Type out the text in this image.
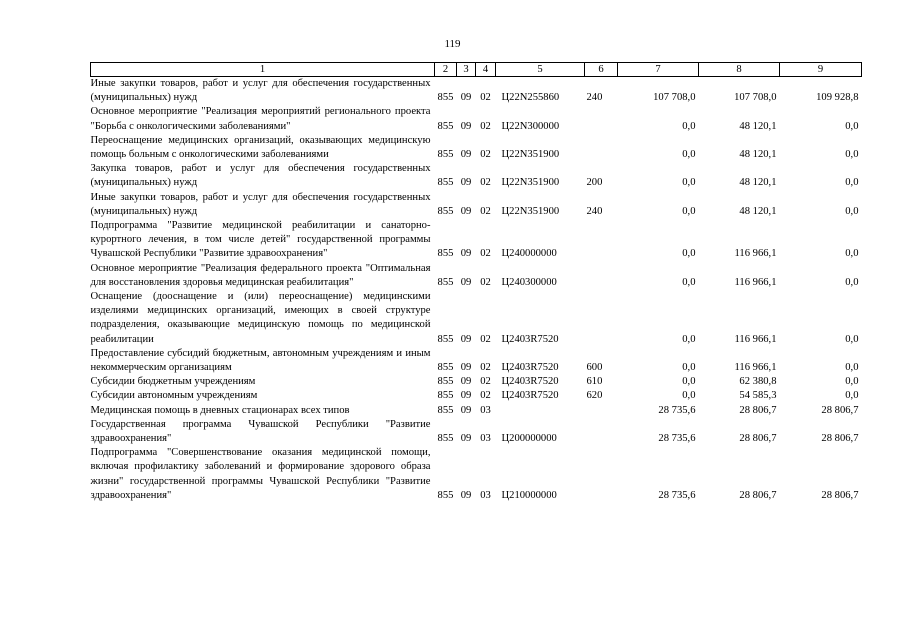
119
1	2	3	4	5	6	7	8	9
Иные закупки товаров, работ и услуг для обеспечения государственных (муниципальных) нужд	855	09	02	Ц22N255860	240	107 708,0	107 708,0	109 928,8
Основное мероприятие "Реализация мероприятий регионального проекта "Борьба с онкологическими заболеваниями"	855	09	02	Ц22N300000		0,0	48 120,1	0,0
Переоснащение медицинских организаций, оказывающих медицинскую помощь больным с онкологическими заболеваниями	855	09	02	Ц22N351900		0,0	48 120,1	0,0
Закупка товаров, работ и услуг для обеспечения государственных (муниципальных) нужд	855	09	02	Ц22N351900	200	0,0	48 120,1	0,0
Иные закупки товаров, работ и услуг для обеспечения государственных (муниципальных) нужд	855	09	02	Ц22N351900	240	0,0	48 120,1	0,0
Подпрограмма "Развитие медицинской реабилитации и санаторно-курортного лечения, в том числе детей" государственной программы Чувашской Республики "Развитие здравоохранения"	855	09	02	Ц240000000		0,0	116 966,1	0,0
Основное мероприятие "Реализация федерального проекта "Оптимальная для восстановления здоровья медицинская реабилитация"	855	09	02	Ц240300000		0,0	116 966,1	0,0
Оснащение (дооснащение и (или) переоснащение) медицинскими изделиями медицинских организаций, имеющих в своей структуре подразделения, оказывающие медицинскую помощь по медицинской реабилитации	855	09	02	Ц2403R7520		0,0	116 966,1	0,0
Предоставление субсидий бюджетным, автономным учреждениям и иным некоммерческим организациям	855	09	02	Ц2403R7520	600	0,0	116 966,1	0,0
Субсидии бюджетным учреждениям	855	09	02	Ц2403R7520	610	0,0	62 380,8	0,0
Субсидии автономным учреждениям	855	09	02	Ц2403R7520	620	0,0	54 585,3	0,0
Медицинская помощь в дневных стационарах всех типов	855	09	03			28 735,6	28 806,7	28 806,7
Государственная программа Чувашской Республики "Развитие здравоохранения"	855	09	03	Ц200000000		28 735,6	28 806,7	28 806,7
Подпрограмма "Совершенствование оказания медицинской помощи, включая профилактику заболеваний и формирование здорового образа жизни" государственной программы Чувашской Республики "Развитие здравоохранения"	855	09	03	Ц210000000		28 735,6	28 806,7	28 806,7
